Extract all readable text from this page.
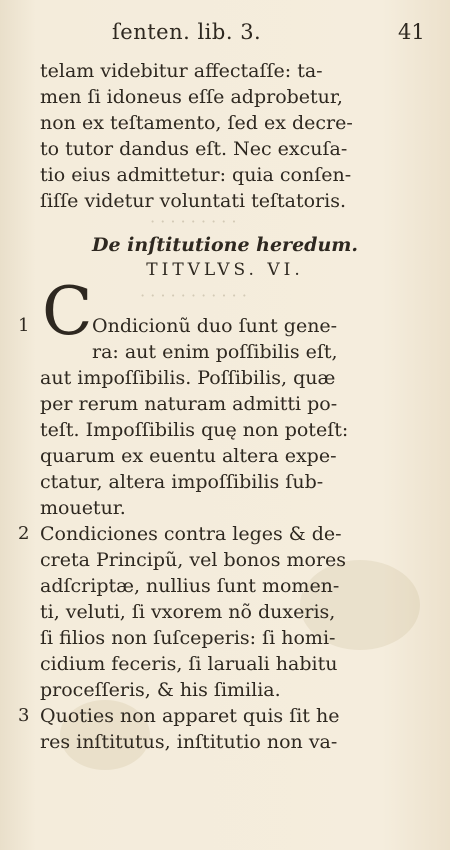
ſenten. lib. 3.	41
· · · · · · · · ·
· · · · · · · · · · ·
telam videbitur affectaſſe: ta-
men ſi idoneus eſſe adprobetur,
non ex teſtamento, ſed ex decre-
to tutor dandus eſt. Nec excuſa-
tio eius admittetur: quia conſen-
ſiſſe videtur voluntati teſtatoris.
De inſtitutione heredum.
TITVLVS. VI.
1 C Ondicionũ duo ſunt gene-
ra: aut enim poſſibilis eſt,
aut impoſſibilis. Poſſibilis, quæ
per rerum naturam admitti po-
teſt. Impoſſibilis quę non poteſt:
quarum ex euentu altera expe-
ctatur, altera impoſſibilis ſub-
mouetur.
2 Condiciones contra leges & de-
creta Principũ, vel bonos mores
adſcriptæ, nullius ſunt momen-
ti, veluti, ſi vxorem nõ duxeris,
ſi filios non ſuſceperis: ſi homi-
cidium feceris, ſi laruali habitu
proceſſeris, & his ſimilia.
3 Quoties non apparet quis ſit he
res inſtitutus, inſtitutio non va-
